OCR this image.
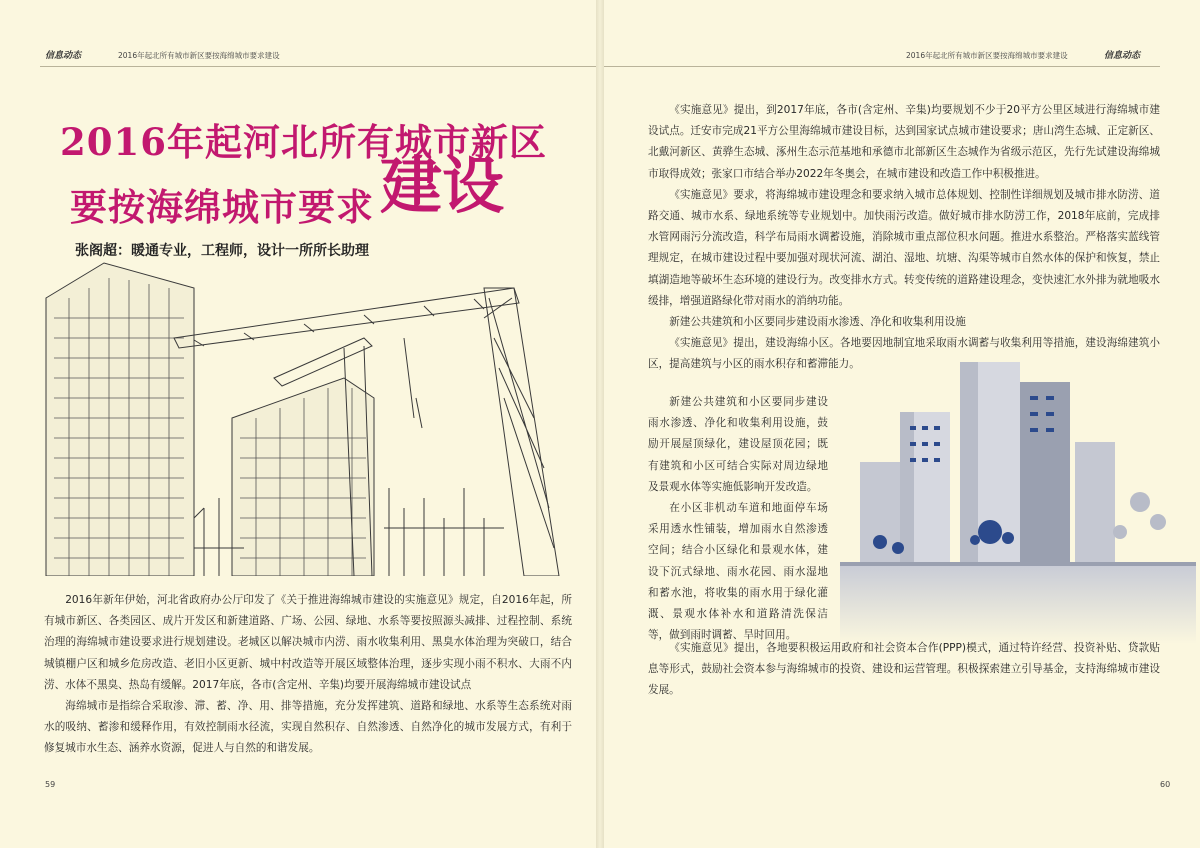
信息动态	2016年起北所有城市新区要按海绵城市要求建设
2016年起河北所有城市新区
要按海绵城市要求 建设
张阁超：暖通专业，工程师，设计一所所长助理

2016年新年伊始，河北省政府办公厅印发了《关于推进海绵城市建设的实施意见》规定，自2016年起，所有城市新区、各类园区、成片开发区和新建道路、广场、公园、绿地、水系等要按照源头减排、过程控制、系统治理的海绵城市建设要求进行规划建设。老城区以解决城市内涝、雨水收集利用、黑臭水体治理为突破口，结合城镇棚户区和城乡危房改造、老旧小区更新、城中村改造等开展区域整体治理，逐步实现小雨不积水、大雨不内涝、水体不黑臭、热岛有缓解。2017年底，各市(含定州、辛集)均要开展海绵城市建设试点

海绵城市是指综合采取渗、滞、蓄、净、用、排等措施，充分发挥建筑、道路和绿地、水系等生态系统对雨水的吸纳、蓄渗和缓释作用，有效控制雨水径流，实现自然积存、自然渗透、自然净化的城市发展方式，有利于修复城市水生态、涵养水资源，促进人与自然的和谐发展。

59
2016年起北所有城市新区要按海绵城市要求建设	信息动态

《实施意见》提出，到2017年底，各市(含定州、辛集)均要规划不少于20平方公里区域进行海绵城市建设试点。迁安市完成21平方公里海绵城市建设目标，达到国家试点城市建设要求；唐山湾生态城、正定新区、北戴河新区、黄骅生态城、涿州生态示范基地和承德市北部新区生态城作为省级示范区，先行先试建设海绵城市取得成效；张家口市结合举办2022年冬奥会，在城市建设和改造工作中积极推进。

《实施意见》要求，将海绵城市建设理念和要求纳入城市总体规划、控制性详细规划及城市排水防涝、道路交通、城市水系、绿地系统等专业规划中。加快雨污改造。做好城市排水防涝工作，2018年底前，完成排水管网雨污分流改造，科学布局雨水调蓄设施，消除城市重点部位积水问题。推进水系整治。严格落实蓝线管理规定，在城市建设过程中要加强对现状河流、湖泊、湿地、坑塘、沟渠等城市自然水体的保护和恢复，禁止填湖造地等破坏生态环境的建设行为。改变排水方式。转变传统的道路建设理念，变快速汇水外排为就地吸水缓排，增强道路绿化带对雨水的消纳功能。

新建公共建筑和小区要同步建设雨水渗透、净化和收集利用设施

《实施意见》提出，建设海绵小区。各地要因地制宜地采取雨水调蓄与收集利用等措施，建设海绵建筑小区，提高建筑与小区的雨水积存和蓄滞能力。

新建公共建筑和小区要同步建设雨水渗透、净化和收集利用设施，鼓励开展屋顶绿化，建设屋顶花园；既有建筑和小区可结合实际对周边绿地及景观水体等实施低影响开发改造。

在小区非机动车道和地面停车场采用透水性铺装，增加雨水自然渗透空间；结合小区绿化和景观水体，建设下沉式绿地、雨水花园、雨水湿地和蓄水池，将收集的雨水用于绿化灌溉、景观水体补水和道路清洗保洁等，做到雨时调蓄、旱时回用。

《实施意见》提出，各地要积极运用政府和社会资本合作(PPP)模式，通过特许经营、投资补贴、贷款贴息等形式，鼓励社会资本参与海绵城市的投资、建设和运营管理。积极探索建立引导基金，支持海绵城市建设发展。

60
